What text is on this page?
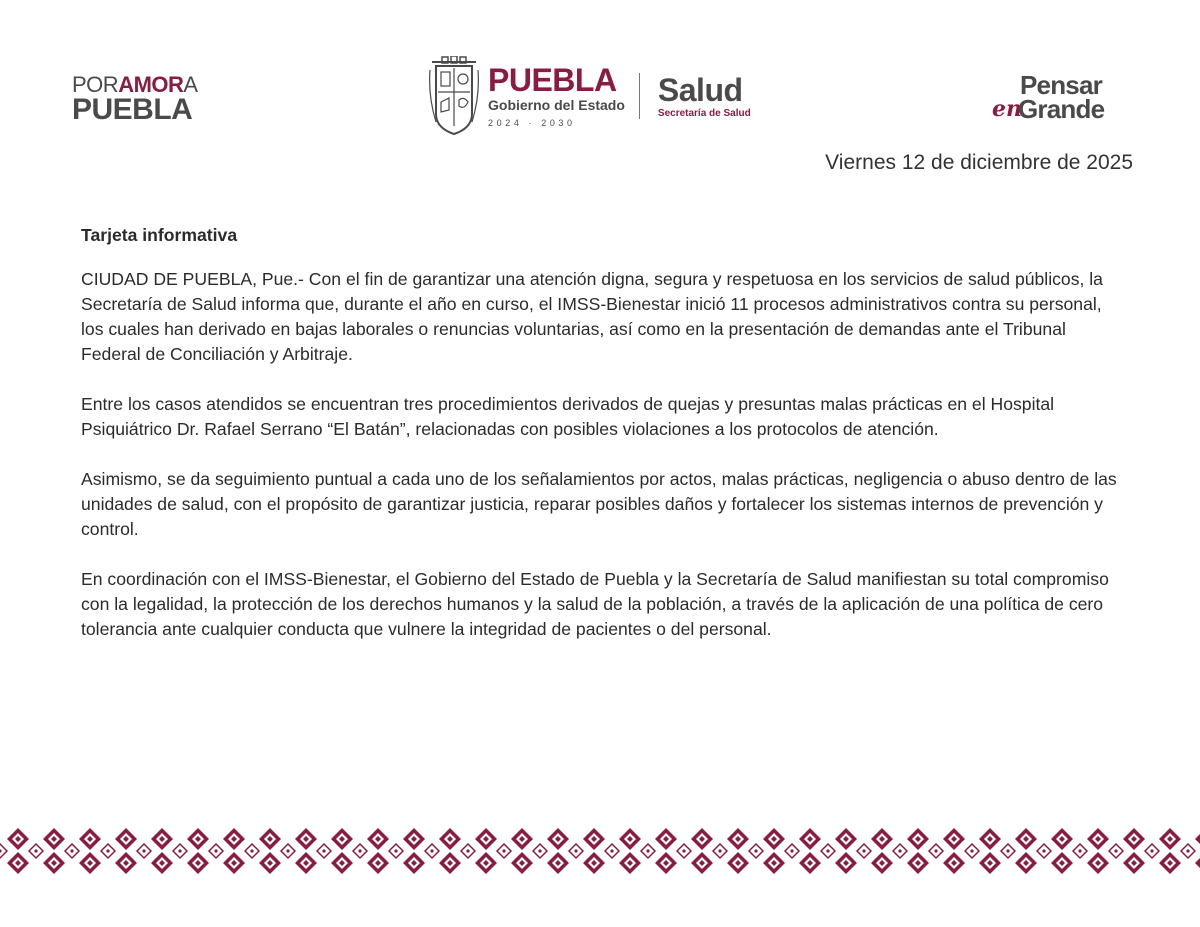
PORAMORA
PUEBLA
PUEBLA
Gobierno del Estado
2024 · 2030
Salud
Secretaría de Salud
Pensar
en
Grande
Viernes 12 de diciembre de 2025
Tarjeta informativa

CIUDAD DE PUEBLA, Pue.- Con el fin de garantizar una atención digna, segura y respetuosa en los servicios de salud públicos, la Secretaría de Salud informa que, durante el año en curso, el IMSS-Bienestar inició 11 procesos administrativos contra su personal, los cuales han derivado en bajas laborales o renuncias voluntarias, así como en la presentación de demandas ante el Tribunal Federal de Conciliación y Arbitraje.

Entre los casos atendidos se encuentran tres procedimientos derivados de quejas y presuntas malas prácticas en el Hospital Psiquiátrico Dr. Rafael Serrano “El Batán”, relacionadas con posibles violaciones a los protocolos de atención.

Asimismo, se da seguimiento puntual a cada uno de los señalamientos por actos, malas prácticas, negligencia o abuso dentro de las unidades de salud, con el propósito de garantizar justicia, reparar posibles daños y fortalecer los sistemas internos de prevención y control.

En coordinación con el IMSS-Bienestar, el Gobierno del Estado de Puebla y la Secretaría de Salud manifiestan su total compromiso con la legalidad, la protección de los derechos humanos y la salud de la población, a través de la aplicación de una política de cero tolerancia ante cualquier conducta que vulnere la integridad de pacientes o del personal.
